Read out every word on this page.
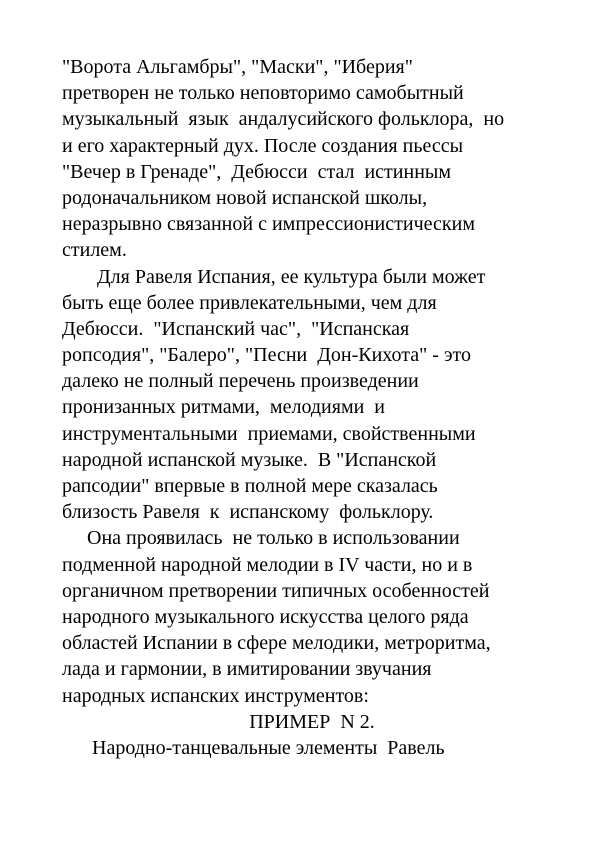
"Ворота Альгамбры", "Маски", "Иберия"
претворен не только неповторимо самобытный
музыкальный  язык  андалусийского фольклора,  но
и его характерный дух. После создания пьессы
"Вечер в Гренаде",  Дебюсси  стал  истинным
родоначальником новой испанской школы,
неразрывно связанной с импрессионистическим
стилем.
Для Равеля Испания, ее культура были может
быть еще более привлекательными, чем для
Дебюсси.  "Испанский час",  "Испанская
ропсодия", "Балеро", "Песни  Дон-Кихота" - это
далеко не полный перечень произведении
пронизанных ритмами,  мелодиями  и
инструментальными  приемами, свойственными
народной испанской музыке.  В "Испанской
рапсодии" впервые в полной мере сказалась
близость Равеля  к  испанскому  фольклору.
Она проявилась  не только в использовании
подменной народной мелодии в IV части, но и в
органичном претворении типичных особенностей
народного музыкального искусства целого ряда
областей Испании в сфере мелодики, метроритма,
лада и гармонии, в имитировании звучания
народных испанских инструментов:
ПРИМЕР  N 2.
Народно-танцевальные элементы  Равель
